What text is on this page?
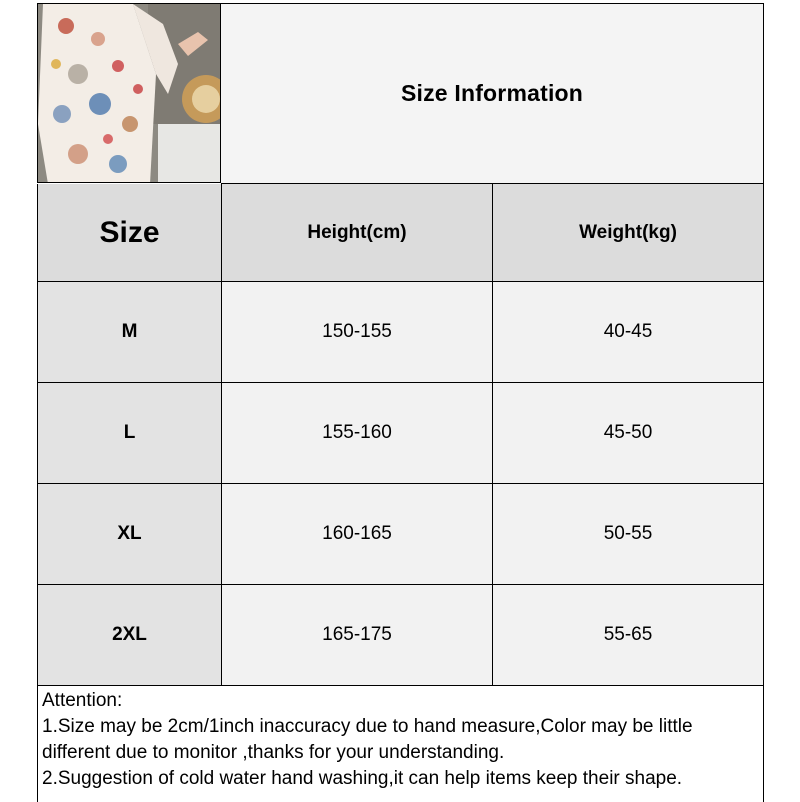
Size Information
Size	Height(cm)	Weight(kg)
M	150-155	40-45
L	155-160	45-50
XL	160-165	50-55
2XL	165-175	55-65
Attention:
1.Size may be 2cm/1inch inaccuracy due to hand measure,Color may be little
different due to monitor ,thanks for your understanding.
2.Suggestion of cold water hand washing,it can help items keep their shape.
